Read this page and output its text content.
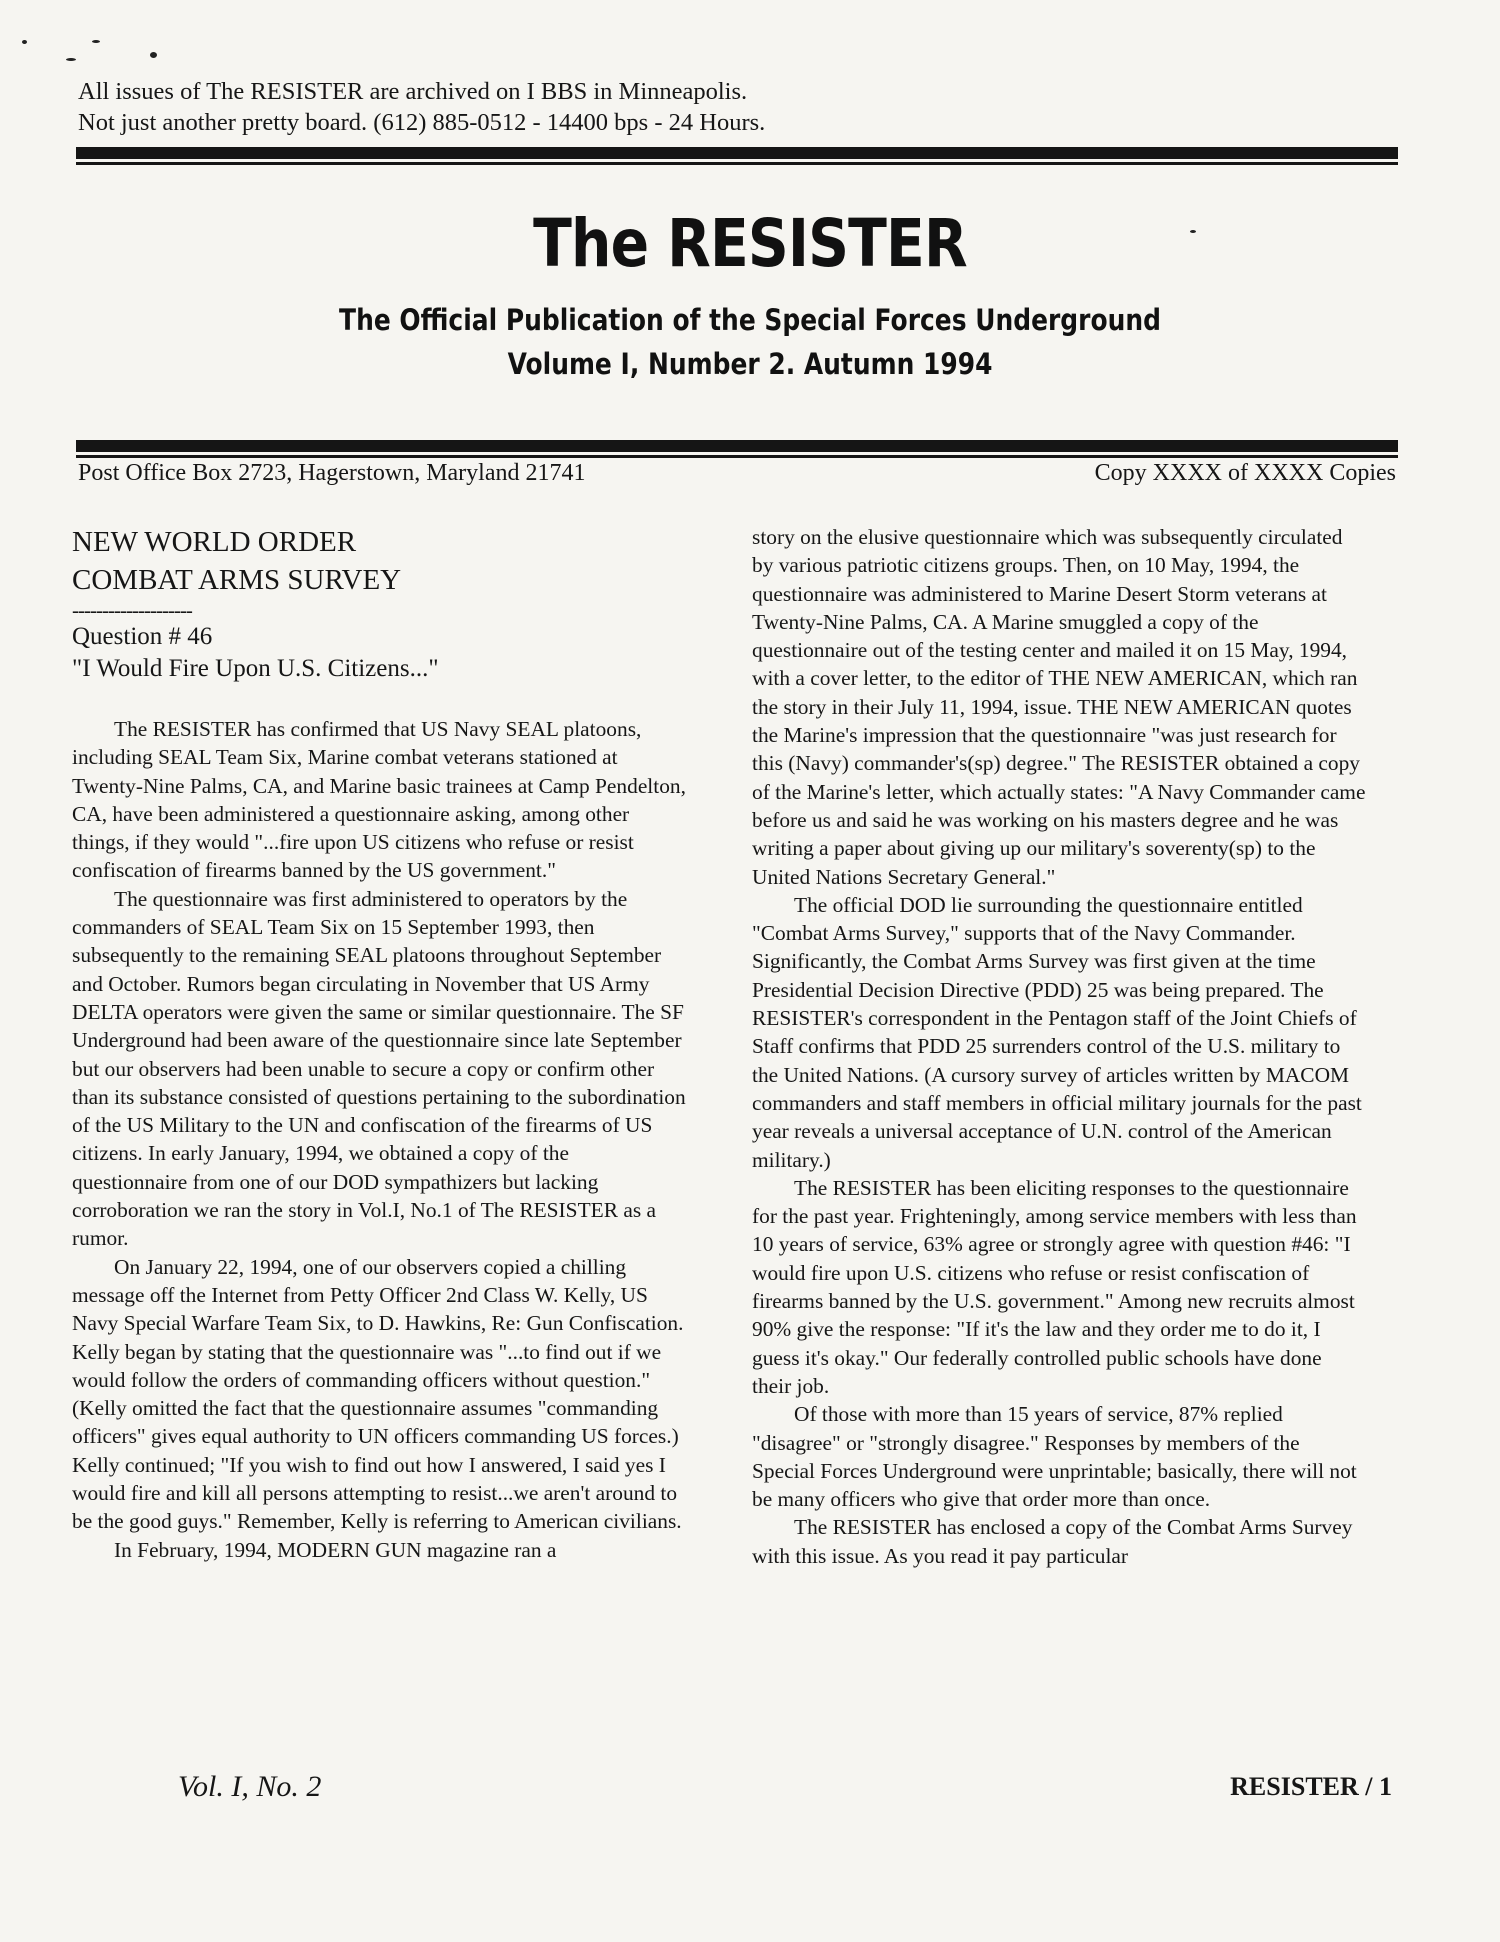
All issues of The RESISTER are archived on I BBS in Minneapolis.
Not just another pretty board. (612) 885-0512 - 14400 bps - 24 Hours.
The RESISTER
The Official Publication of the Special Forces Underground
Volume I, Number 2. Autumn 1994
Post Office Box 2723, Hagerstown, Maryland 21741	Copy XXXX of XXXX Copies

NEW WORLD ORDER

COMBAT ARMS SURVEY

--------------------

Question # 46

"I Would Fire Upon U.S. Citizens..."

The RESISTER has confirmed that US Navy SEAL platoons, including SEAL Team Six, Marine combat veterans stationed at Twenty-Nine Palms, CA, and Marine basic trainees at Camp Pendelton, CA, have been administered a questionnaire asking, among other things, if they would "...fire upon US citizens who refuse or resist confiscation of firearms banned by the US government."

The questionnaire was first administered to operators by the commanders of SEAL Team Six on 15 September 1993, then subsequently to the remaining SEAL platoons throughout September and October. Rumors began circulating in November that US Army DELTA operators were given the same or similar questionnaire. The SF Underground had been aware of the questionnaire since late September but our observers had been unable to secure a copy or confirm other than its substance consisted of questions pertaining to the subordination of the US Military to the UN and confiscation of the firearms of US citizens. In early January, 1994, we obtained a copy of the questionnaire from one of our DOD sympathizers but lacking corroboration we ran the story in Vol.I, No.1 of The RESISTER as a rumor.

On January 22, 1994, one of our observers copied a chilling message off the Internet from Petty Officer 2nd Class W. Kelly, US Navy Special Warfare Team Six, to D. Hawkins, Re: Gun Confiscation. Kelly began by stating that the questionnaire was "...to find out if we would follow the orders of commanding officers without question." (Kelly omitted the fact that the questionnaire assumes "commanding officers" gives equal authority to UN officers commanding US forces.) Kelly continued; "If you wish to find out how I answered, I said yes I would fire and kill all persons attempting to resist...we aren't around to be the good guys." Remember, Kelly is referring to American civilians.

In February, 1994, MODERN GUN magazine ran a

story on the elusive questionnaire which was subsequently circulated by various patriotic citizens groups. Then, on 10 May, 1994, the questionnaire was administered to Marine Desert Storm veterans at Twenty-Nine Palms, CA. A Marine smuggled a copy of the questionnaire out of the testing center and mailed it on 15 May, 1994, with a cover letter, to the editor of THE NEW AMERICAN, which ran the story in their July 11, 1994, issue. THE NEW AMERICAN quotes the Marine's impression that the questionnaire "was just research for this (Navy) commander's(sp) degree." The RESISTER obtained a copy of the Marine's letter, which actually states: "A Navy Commander came before us and said he was working on his masters degree and he was writing a paper about giving up our military's soverenty(sp) to the United Nations Secretary General."

The official DOD lie surrounding the questionnaire entitled "Combat Arms Survey," supports that of the Navy Commander. Significantly, the Combat Arms Survey was first given at the time Presidential Decision Directive (PDD) 25 was being prepared. The RESISTER's correspondent in the Pentagon staff of the Joint Chiefs of Staff confirms that PDD 25 surrenders control of the U.S. military to the United Nations. (A cursory survey of articles written by MACOM commanders and staff members in official military journals for the past year reveals a universal acceptance of U.N. control of the American military.)

The RESISTER has been eliciting responses to the questionnaire for the past year. Frighteningly, among service members with less than 10 years of service, 63% agree or strongly agree with question #46: "I would fire upon U.S. citizens who refuse or resist confiscation of firearms banned by the U.S. government." Among new recruits almost 90% give the response: "If it's the law and they order me to do it, I guess it's okay." Our federally controlled public schools have done their job.

Of those with more than 15 years of service, 87% replied "disagree" or "strongly disagree." Responses by members of the Special Forces Underground were unprintable; basically, there will not be many officers who give that order more than once.

The RESISTER has enclosed a copy of the Combat Arms Survey with this issue. As you read it pay particular

Vol. I, No. 2	RESISTER / 1
